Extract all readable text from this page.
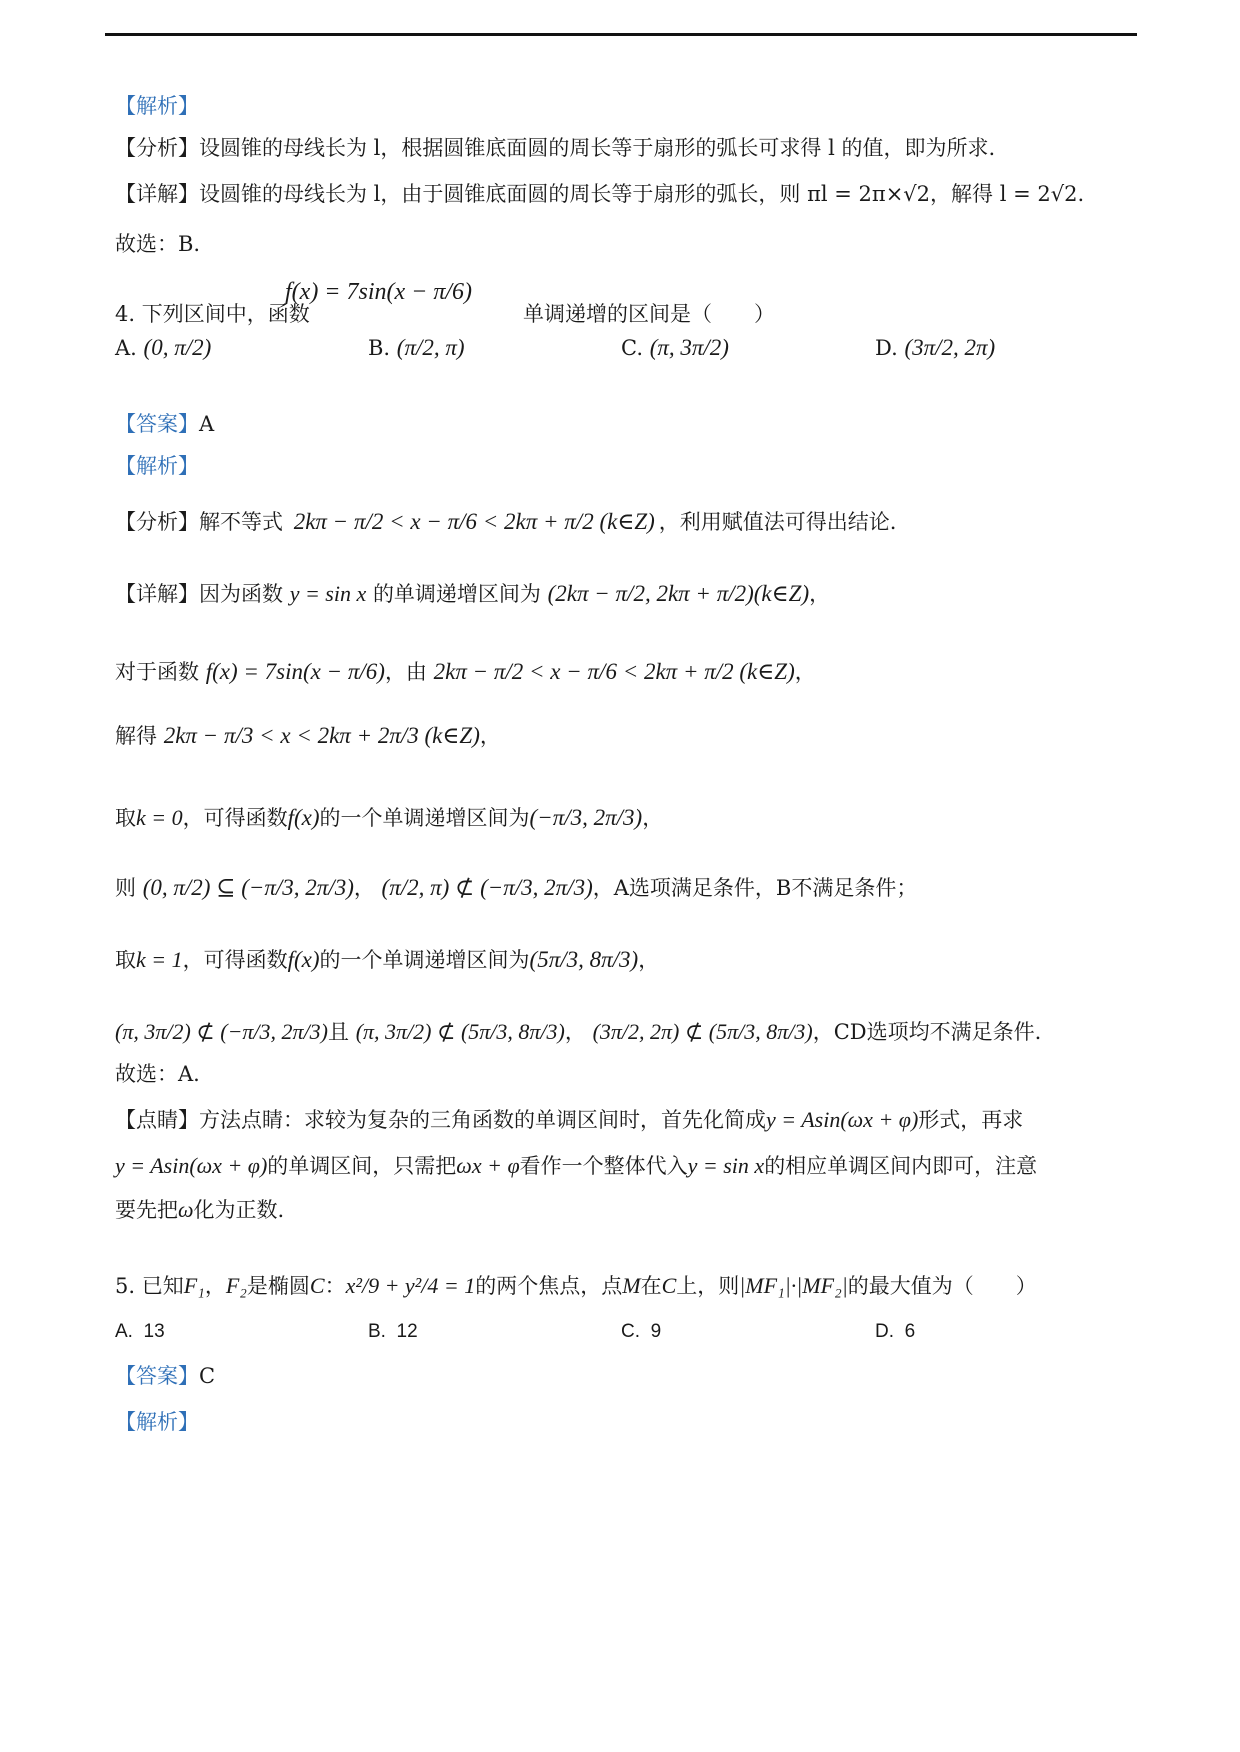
【解析】

【分析】设圆锥的母线长为 l，根据圆锥底面圆的周长等于扇形的弧长可求得 l 的值，即为所求.

【详解】设圆锥的母线长为 l，由于圆锥底面圆的周长等于扇形的弧长，则 πl = 2π×√2，解得 l = 2√2.

故选：B.

4. 下列区间中，函数
f(x) = 7sin(x − π/6)
单调递增的区间是（　　）
A. (0, π/2)	B. (π/2, π)	C. (π, 3π/2)	D. (3π/2, 2π)

【答案】A

【解析】

【分析】解不等式 2kπ − π/2 < x − π/6 < 2kπ + π/2 (k∈Z) ，利用赋值法可得出结论.

【详解】因为函数 y = sin x 的单调递增区间为 (2kπ − π/2, 2kπ + π/2)(k∈Z)，

对于函数 f(x) = 7sin(x − π/6)，由 2kπ − π/2 < x − π/6 < 2kπ + π/2 (k∈Z)，

解得 2kπ − π/3 < x < 2kπ + 2π/3 (k∈Z)，

取k = 0，可得函数f(x)的一个单调递增区间为(−π/3, 2π/3)，

则 (0, π/2) ⊆ (−π/3, 2π/3)， (π/2, π) ⊄ (−π/3, 2π/3)，A选项满足条件，B不满足条件；

取k = 1，可得函数f(x)的一个单调递增区间为(5π/3, 8π/3)，

(π, 3π/2) ⊄ (−π/3, 2π/3)且 (π, 3π/2) ⊄ (5π/3, 8π/3)， (3π/2, 2π) ⊄ (5π/3, 8π/3)，CD选项均不满足条件.

故选：A.

【点睛】方法点睛：求较为复杂的三角函数的单调区间时，首先化简成y = Asin(ωx + φ)形式，再求

y = Asin(ωx + φ)的单调区间，只需把ωx + φ看作一个整体代入y = sin x的相应单调区间内即可，注意

要先把ω化为正数.

5. 已知F₁，F₂是椭圆C：x²/9 + y²/4 = 1的两个焦点，点M在C上，则|MF₁|·|MF₂|的最大值为（　　）

A. 13	B. 12	C. 9	D. 6

【答案】C

【解析】
